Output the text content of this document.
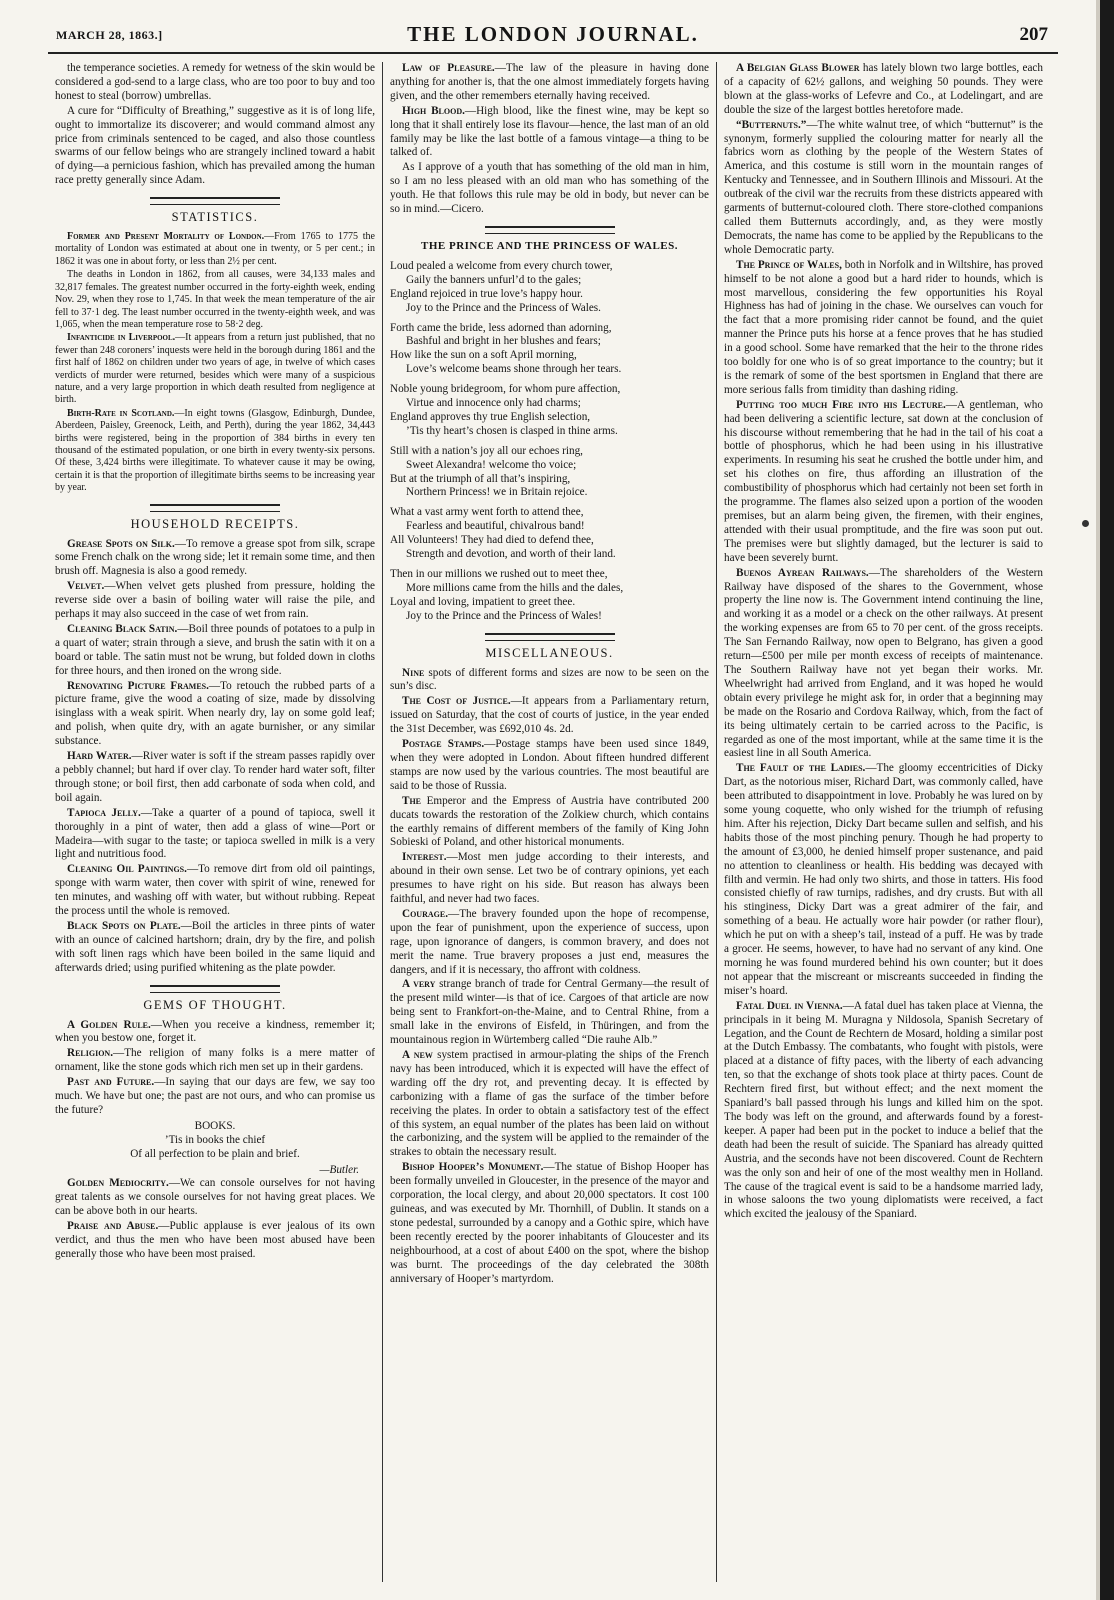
MARCH 28, 1863.]	THE LONDON JOURNAL.	207

the temperance societies. A remedy for wetness of the skin would be considered a god-send to a large class, who are too poor to buy and too honest to steal (borrow) umbrellas.

A cure for “Difficulty of Breathing,” suggestive as it is of long life, ought to immortalize its discoverer; and would command almost any price from criminals sentenced to be caged, and also those countless swarms of our fellow beings who are strangely inclined toward a habit of dying—a pernicious fashion, which has prevailed among the human race pretty generally since Adam.

STATISTICS.

Former and Present Mortality of London.—From 1765 to 1775 the mortality of London was estimated at about one in twenty, or 5 per cent.; in 1862 it was one in about forty, or less than 2½ per cent.

The deaths in London in 1862, from all causes, were 34,133 males and 32,817 females. The greatest number occurred in the forty-eighth week, ending Nov. 29, when they rose to 1,745. In that week the mean temperature of the air fell to 37·1 deg. The least number occurred in the twenty-eighth week, and was 1,065, when the mean temperature rose to 58·2 deg.

Infanticide in Liverpool.—It appears from a return just published, that no fewer than 248 coroners’ inquests were held in the borough during 1861 and the first half of 1862 on children under two years of age, in twelve of which cases verdicts of murder were returned, besides which were many of a suspicious nature, and a very large proportion in which death resulted from negligence at birth.

Birth-Rate in Scotland.—In eight towns (Glasgow, Edinburgh, Dundee, Aberdeen, Paisley, Greenock, Leith, and Perth), during the year 1862, 34,443 births were registered, being in the proportion of 384 births in every ten thousand of the estimated population, or one birth in every twenty-six persons. Of these, 3,424 births were illegitimate. To whatever cause it may be owing, certain it is that the proportion of illegitimate births seems to be increasing year by year.

HOUSEHOLD RECEIPTS.

Grease Spots on Silk.—To remove a grease spot from silk, scrape some French chalk on the wrong side; let it remain some time, and then brush off. Magnesia is also a good remedy.

Velvet.—When velvet gets plushed from pressure, holding the reverse side over a basin of boiling water will raise the pile, and perhaps it may also succeed in the case of wet from rain.

Cleaning Black Satin.—Boil three pounds of potatoes to a pulp in a quart of water; strain through a sieve, and brush the satin with it on a board or table. The satin must not be wrung, but folded down in cloths for three hours, and then ironed on the wrong side.

Renovating Picture Frames.—To retouch the rubbed parts of a picture frame, give the wood a coating of size, made by dissolving isinglass with a weak spirit. When nearly dry, lay on some gold leaf; and polish, when quite dry, with an agate burnisher, or any similar substance.

Hard Water.—River water is soft if the stream passes rapidly over a pebbly channel; but hard if over clay. To render hard water soft, filter through stone; or boil first, then add carbonate of soda when cold, and boil again.

Tapioca Jelly.—Take a quarter of a pound of tapioca, swell it thoroughly in a pint of water, then add a glass of wine—Port or Madeira—with sugar to the taste; or tapioca swelled in milk is a very light and nutritious food.

Cleaning Oil Paintings.—To remove dirt from old oil paintings, sponge with warm water, then cover with spirit of wine, renewed for ten minutes, and washing off with water, but without rubbing. Repeat the process until the whole is removed.

Black Spots on Plate.—Boil the articles in three pints of water with an ounce of calcined hartshorn; drain, dry by the fire, and polish with soft linen rags which have been boiled in the same liquid and afterwards dried; using purified whitening as the plate powder.

GEMS OF THOUGHT.

A Golden Rule.—When you receive a kindness, remember it; when you bestow one, forget it.

Religion.—The religion of many folks is a mere matter of ornament, like the stone gods which rich men set up in their gardens.

Past and Future.—In saying that our days are few, we say too much. We have but one; the past are not ours, and who can promise us the future?

BOOKS.
’Tis in books the chief
Of all perfection to be plain and brief.
—Butler.

Golden Mediocrity.—We can console ourselves for not having great talents as we console ourselves for not having great places. We can be above both in our hearts.

Praise and Abuse.—Public applause is ever jealous of its own verdict, and thus the men who have been most abused have been generally those who have been most praised.

Law of Pleasure.—The law of the pleasure in having done anything for another is, that the one almost immediately forgets having given, and the other remembers eternally having received.

High Blood.—High blood, like the finest wine, may be kept so long that it shall entirely lose its flavour—hence, the last man of an old family may be like the last bottle of a famous vintage—a thing to be talked of.

As I approve of a youth that has something of the old man in him, so I am no less pleased with an old man who has something of the youth. He that follows this rule may be old in body, but never can be so in mind.—Cicero.

THE PRINCE AND THE PRINCESS OF WALES.
Loud pealed a welcome from every church tower,
Gaily the banners unfurl’d to the gales;
England rejoiced in true love’s happy hour.
Joy to the Prince and the Princess of Wales.
Forth came the bride, less adorned than adorning,
Bashful and bright in her blushes and fears;
How like the sun on a soft April morning,
Love’s welcome beams shone through her tears.
Noble young bridegroom, for whom pure affection,
Virtue and innocence only had charms;
England approves thy true English selection,
’Tis thy heart’s chosen is clasped in thine arms.
Still with a nation’s joy all our echoes ring,
Sweet Alexandra! welcome tho voice;
But at the triumph of all that’s inspiring,
Northern Princess! we in Britain rejoice.
What a vast army went forth to attend thee,
Fearless and beautiful, chivalrous band!
All Volunteers! They had died to defend thee,
Strength and devotion, and worth of their land.
Then in our millions we rushed out to meet thee,
More millions came from the hills and the dales,
Loyal and loving, impatient to greet thee.
Joy to the Prince and the Princess of Wales!
MISCELLANEOUS.

Nine spots of different forms and sizes are now to be seen on the sun’s disc.

The Cost of Justice.—It appears from a Parliamentary return, issued on Saturday, that the cost of courts of justice, in the year ended the 31st December, was £692,010 4s. 2d.

Postage Stamps.—Postage stamps have been used since 1849, when they were adopted in London. About fifteen hundred different stamps are now used by the various countries. The most beautiful are said to be those of Russia.

The Emperor and the Empress of Austria have contributed 200 ducats towards the restoration of the Zolkiew church, which contains the earthly remains of different members of the family of King John Sobieski of Poland, and other historical monuments.

Interest.—Most men judge according to their interests, and abound in their own sense. Let two be of contrary opinions, yet each presumes to have right on his side. But reason has always been faithful, and never had two faces.

Courage.—The bravery founded upon the hope of recompense, upon the fear of punishment, upon the experience of success, upon rage, upon ignorance of dangers, is common bravery, and does not merit the name. True bravery proposes a just end, measures the dangers, and if it is necessary, tho affront with coldness.

A very strange branch of trade for Central Germany—the result of the present mild winter—is that of ice. Cargoes of that article are now being sent to Frankfort-on-the-Maine, and to Central Rhine, from a small lake in the environs of Eisfeld, in Thüringen, and from the mountainous region in Würtemberg called “Die rauhe Alb.”

A new system practised in armour-plating the ships of the French navy has been introduced, which it is expected will have the effect of warding off the dry rot, and preventing decay. It is effected by carbonizing with a flame of gas the surface of the timber before receiving the plates. In order to obtain a satisfactory test of the effect of this system, an equal number of the plates has been laid on without the carbonizing, and the system will be applied to the remainder of the strakes to obtain the necessary result.

Bishop Hooper’s Monument.—The statue of Bishop Hooper has been formally unveiled in Gloucester, in the presence of the mayor and corporation, the local clergy, and about 20,000 spectators. It cost 100 guineas, and was executed by Mr. Thornhill, of Dublin. It stands on a stone pedestal, surrounded by a canopy and a Gothic spire, which have been recently erected by the poorer inhabitants of Gloucester and its neighbourhood, at a cost of about £400 on the spot, where the bishop was burnt. The proceedings of the day celebrated the 308th anniversary of Hooper’s martyrdom.

A Belgian Glass Blower has lately blown two large bottles, each of a capacity of 62½ gallons, and weighing 50 pounds. They were blown at the glass-works of Lefevre and Co., at Lodelingart, and are double the size of the largest bottles heretofore made.

“Butternuts.”—The white walnut tree, of which “butternut” is the synonym, formerly supplied the colouring matter for nearly all the fabrics worn as clothing by the people of the Western States of America, and this costume is still worn in the mountain ranges of Kentucky and Tennessee, and in Southern Illinois and Missouri. At the outbreak of the civil war the recruits from these districts appeared with garments of butternut-coloured cloth. There store-clothed companions called them Butternuts accordingly, and, as they were mostly Democrats, the name has come to be applied by the Republicans to the whole Democratic party.

The Prince of Wales, both in Norfolk and in Wiltshire, has proved himself to be not alone a good but a hard rider to hounds, which is most marvellous, considering the few opportunities his Royal Highness has had of joining in the chase. We ourselves can vouch for the fact that a more promising rider cannot be found, and the quiet manner the Prince puts his horse at a fence proves that he has studied in a good school. Some have remarked that the heir to the throne rides too boldly for one who is of so great importance to the country; but it is the remark of some of the best sportsmen in England that there are more serious falls from timidity than dashing riding.

Putting too much Fire into his Lecture.—A gentleman, who had been delivering a scientific lecture, sat down at the conclusion of his discourse without remembering that he had in the tail of his coat a bottle of phosphorus, which he had been using in his illustrative experiments. In resuming his seat he crushed the bottle under him, and set his clothes on fire, thus affording an illustration of the combustibility of phosphorus which had certainly not been set forth in the programme. The flames also seized upon a portion of the wooden premises, but an alarm being given, the firemen, with their engines, attended with their usual promptitude, and the fire was soon put out. The premises were but slightly damaged, but the lecturer is said to have been severely burnt.

Buenos Ayrean Railways.—The shareholders of the Western Railway have disposed of the shares to the Government, whose property the line now is. The Government intend continuing the line, and working it as a model or a check on the other railways. At present the working expenses are from 65 to 70 per cent. of the gross receipts. The San Fernando Railway, now open to Belgrano, has given a good return—£500 per mile per month excess of receipts of maintenance. The Southern Railway have not yet began their works. Mr. Wheelwright had arrived from England, and it was hoped he would obtain every privilege he might ask for, in order that a beginning may be made on the Rosario and Cordova Railway, which, from the fact of its being ultimately certain to be carried across to the Pacific, is regarded as one of the most important, while at the same time it is the easiest line in all South America.

The Fault of the Ladies.—The gloomy eccentricities of Dicky Dart, as the notorious miser, Richard Dart, was commonly called, have been attributed to disappointment in love. Probably he was lured on by some young coquette, who only wished for the triumph of refusing him. After his rejection, Dicky Dart became sullen and selfish, and his habits those of the most pinching penury. Though he had property to the amount of £3,000, he denied himself proper sustenance, and paid no attention to cleanliness or health. His bedding was decayed with filth and vermin. He had only two shirts, and those in tatters. His food consisted chiefly of raw turnips, radishes, and dry crusts. But with all his stinginess, Dicky Dart was a great admirer of the fair, and something of a beau. He actually wore hair powder (or rather flour), which he put on with a sheep’s tail, instead of a puff. He was by trade a grocer. He seems, however, to have had no servant of any kind. One morning he was found murdered behind his own counter; but it does not appear that the miscreant or miscreants succeeded in finding the miser’s hoard.

Fatal Duel in Vienna.—A fatal duel has taken place at Vienna, the principals in it being M. Muragna y Nildosola, Spanish Secretary of Legation, and the Count de Rechtern de Mosard, holding a similar post at the Dutch Embassy. The combatants, who fought with pistols, were placed at a distance of fifty paces, with the liberty of each advancing ten, so that the exchange of shots took place at thirty paces. Count de Rechtern fired first, but without effect; and the next moment the Spaniard’s ball passed through his lungs and killed him on the spot. The body was left on the ground, and afterwards found by a forest-keeper. A paper had been put in the pocket to induce a belief that the death had been the result of suicide. The Spaniard has already quitted Austria, and the seconds have not been discovered. Count de Rechtern was the only son and heir of one of the most wealthy men in Holland. The cause of the tragical event is said to be a handsome married lady, in whose saloons the two young diplomatists were received, a fact which excited the jealousy of the Spaniard.
